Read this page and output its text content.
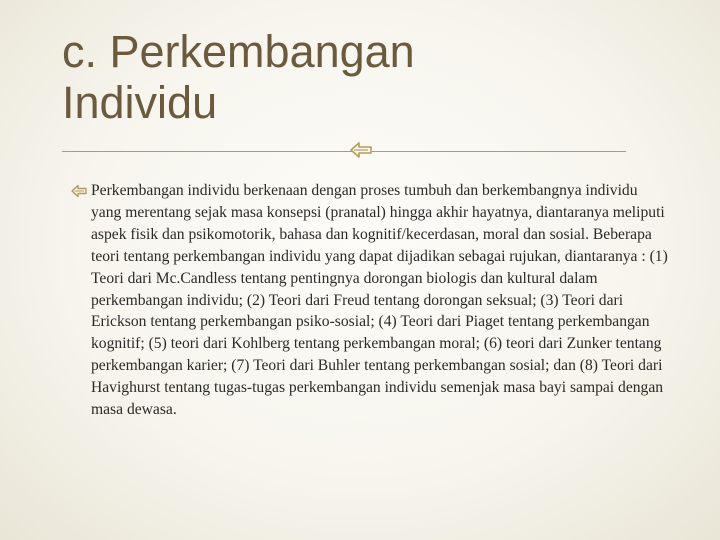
c. Perkembangan
Individu

Perkembangan individu berkenaan dengan proses tumbuh dan berkembangnya individu yang merentang sejak masa konsepsi (pranatal) hingga akhir hayatnya, diantaranya meliputi aspek fisik dan psikomotorik, bahasa dan kognitif/kecerdasan, moral dan sosial. Beberapa teori tentang perkembangan individu yang dapat dijadikan sebagai rujukan, diantaranya : (1) Teori dari Mc.Candless tentang pentingnya dorongan biologis dan kultural dalam perkembangan individu; (2) Teori dari Freud tentang dorongan seksual; (3) Teori dari Erickson tentang perkembangan psiko-sosial; (4) Teori dari Piaget tentang perkembangan kognitif; (5) teori dari Kohlberg tentang perkembangan moral; (6) teori dari Zunker tentang perkembangan karier; (7) Teori dari Buhler tentang perkembangan sosial; dan (8) Teori dari Havighurst tentang tugas-tugas perkembangan individu semenjak masa bayi sampai dengan masa dewasa.
